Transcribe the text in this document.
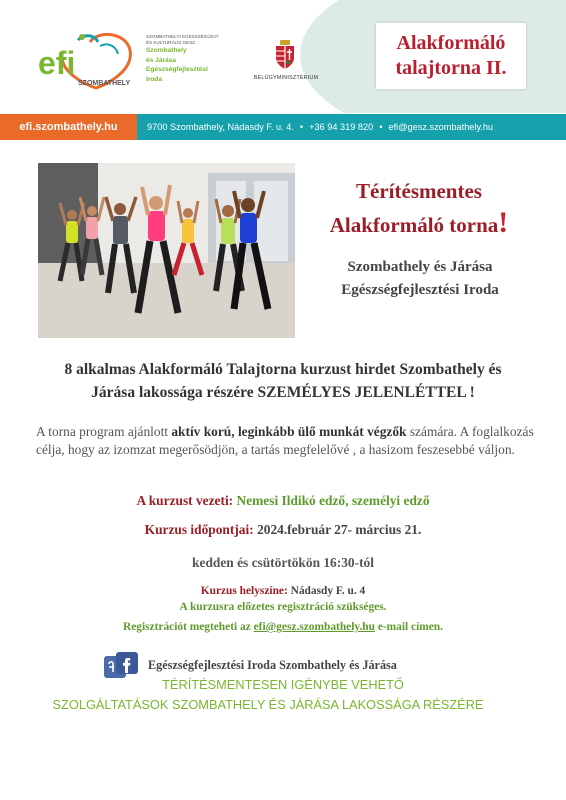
efi
SZOMBATHELY
SZOMBATHELYI EGÉSZSÉGÜGYI
ÉS KULTURÁLIS GESZ
Szombathely
és Járása
Egészségfejlesztési
Iroda	BELÜGYMINISZTÉRIUM
Alakformáló
talajtorna II.
efi.szombathely.hu	9700 Szombathely, Nádasdy F. u. 4. • +36 94 319 820 • efi@gesz.szombathely.hu
Térítésmentes
Alakformáló torna!
Szombathely és Járása
Egészségfejlesztési Iroda
8 alkalmas Alakformáló Talajtorna kurzust hirdet Szombathely és
Járása lakossága részére SZEMÉLYES JELENLÉTTEL !
A torna program ajánlott aktív korú, leginkább ülő munkát végzők számára. A foglalkozás célja, hogy az izomzat megerősödjön, a tartás megfelelővé , a hasizom feszesebbé váljon.
A kurzust vezeti: Nemesi Ildikó edző, személyi edző
Kurzus időpontjai: 2024.február 27- március 21.
kedden és csütörtökön 16:30-tól
Kurzus helyszíne: Nádasdy F. u. 4
A kurzusra előzetes regisztráció szükséges.
Regisztrációt megteheti az efi@gesz.szombathely.hu e-mail címen.
Egészségfejlesztési Iroda Szombathely és Járása
TÉRÍTÉSMENTESEN IGÉNYBE VEHETŐ
SZOLGÁLTATÁSOK SZOMBATHELY ÉS JÁRÁSA LAKOSSÁGA RÉSZÉRE
